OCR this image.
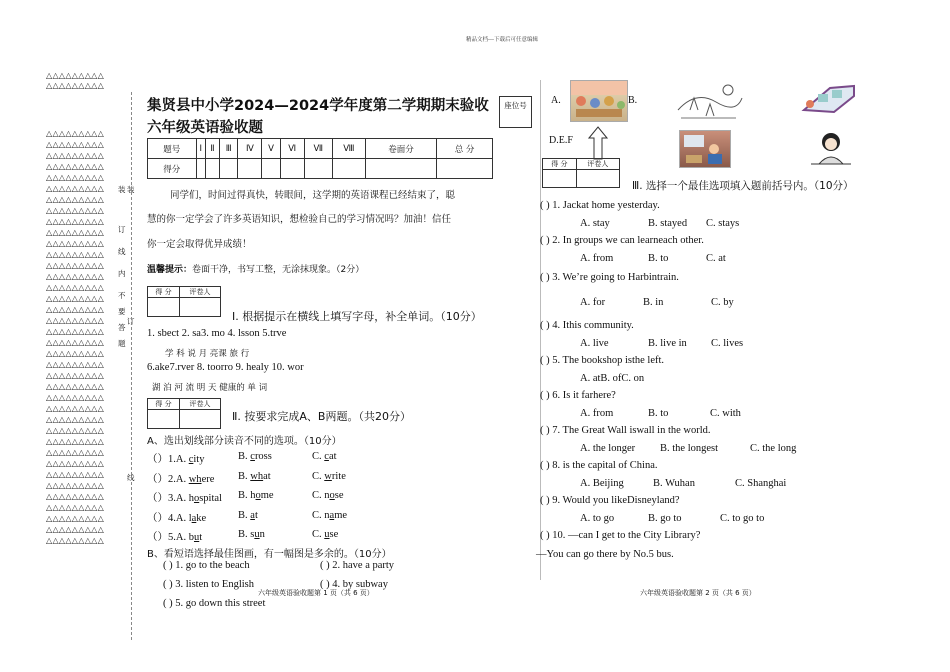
精品文档---下载后可任意编辑
△△△△△△△△△
△△△△△△△△△
△△△△△△△△△
△△△△△△△△△
△△△△△△△△△
△△△△△△△△△
△△△△△△△△△
△△△△△△△△△
△△△△△△△△△
△△△△△△△△△
△△△△△△△△△
△△△△△△△△△
△△△△△△△△△
△△△△△△△△△
△△△△△△△△△
△△△△△△△△△
△△△△△△△△△
△△△△△△△△△
△△△△△△△△△
△△△△△△△△△
△△△△△△△△△
△△△△△△△△△
△△△△△△△△△
△△△△△△△△△
△△△△△△△△△
△△△△△△△△△
△△△△△△△△△
△△△△△△△△△
△△△△△△△△△
△△△△△△△△△
△△△△△△△△△
△△△△△△△△△
△△△△△△△△△
△△△△△△△△△
△△△△△△△△△
△△△△△△△△△
△△△△△△△△△
△△△△△△△△△
△△△△△△△△△
△△△△△△△△△
装
订
线
内
不
要
答
题
装
订
线
集贤县中小学2024—2024学年度第二学期期末验收
六年级英语验收题
座位号
题号	Ⅰ	Ⅱ	Ⅲ	Ⅳ	Ⅴ	Ⅵ	Ⅶ	Ⅷ	卷面分	总 分
得分										
同学们，时间过得真快，转眼间，这学期的英语课程已经结束了，聪
慧的你一定学会了许多英语知识，想检验自己的学习情况吗？加油！信任
你一定会取得优异成绩！
温馨提示：卷面干净，书写工整，无涂抹现象。（2分）
得 分	评卷人

Ⅰ. 根据提示在横线上填写字母，补全单词。（10分）
1. sbect 2. sa3. mo 4. lsson 5.trve
学 科 说 月 亮课 旅 行
6.ake7.rver 8. toorro 9. healy 10. wor
湖 泊 河 流 明 天 健康的 单 词
得 分	评卷人

Ⅱ. 按要求完成A、B两题。（共20分）
A、选出划线部分读音不同的选项。（10分）
（）1.A. city	B. cross	C. cat
（）2.A. where B. what	C. write
（）3.A. hospital B. home	C. nose
（）4.A. lake	B. at	C. name
（）5.A. but	B. sun	C. use
B、看短语选择最佳图画，有一幅图是多余的。（10分）
( ) 1. go to the beach	( ) 2. have a party
( ) 3. listen to English	( ) 4. by subway
( ) 5. go down this street
六年级英语验收题第 1 页（共 6 页）
A.	B.
D.E.F
得 分	评卷人

Ⅲ. 选择一个最佳选项填入题前括号内。（10分）
( ) 1. Jackat home yesterday.
A. stay	B. stayed C. stays
( ) 2. In groups we can learneach other.
A. from	B. to	C. at
( ) 3. We’re going to Harbintrain.
A. for	B. in	C. by
( ) 4. Ithis community.
A. live	B. live in C. lives
( ) 5. The bookshop isthe left.
A. atB. ofC. on
( ) 6. Is it farhere?
A. from	B. to	C. with
( ) 7. The Great Wall iswall in the world.
A. the longer B. the longest	C. the long
( ) 8. is the capital of China.
A. Beijing	B. Wuhan	C. Shanghai
( ) 9. Would you likeDisneyland?
A. to go	B. go to	C. to go to
( ) 10. —can I get to the City Library?
—You can go there by No.5 bus.
六年级英语验收题第 2 页（共 6 页）
